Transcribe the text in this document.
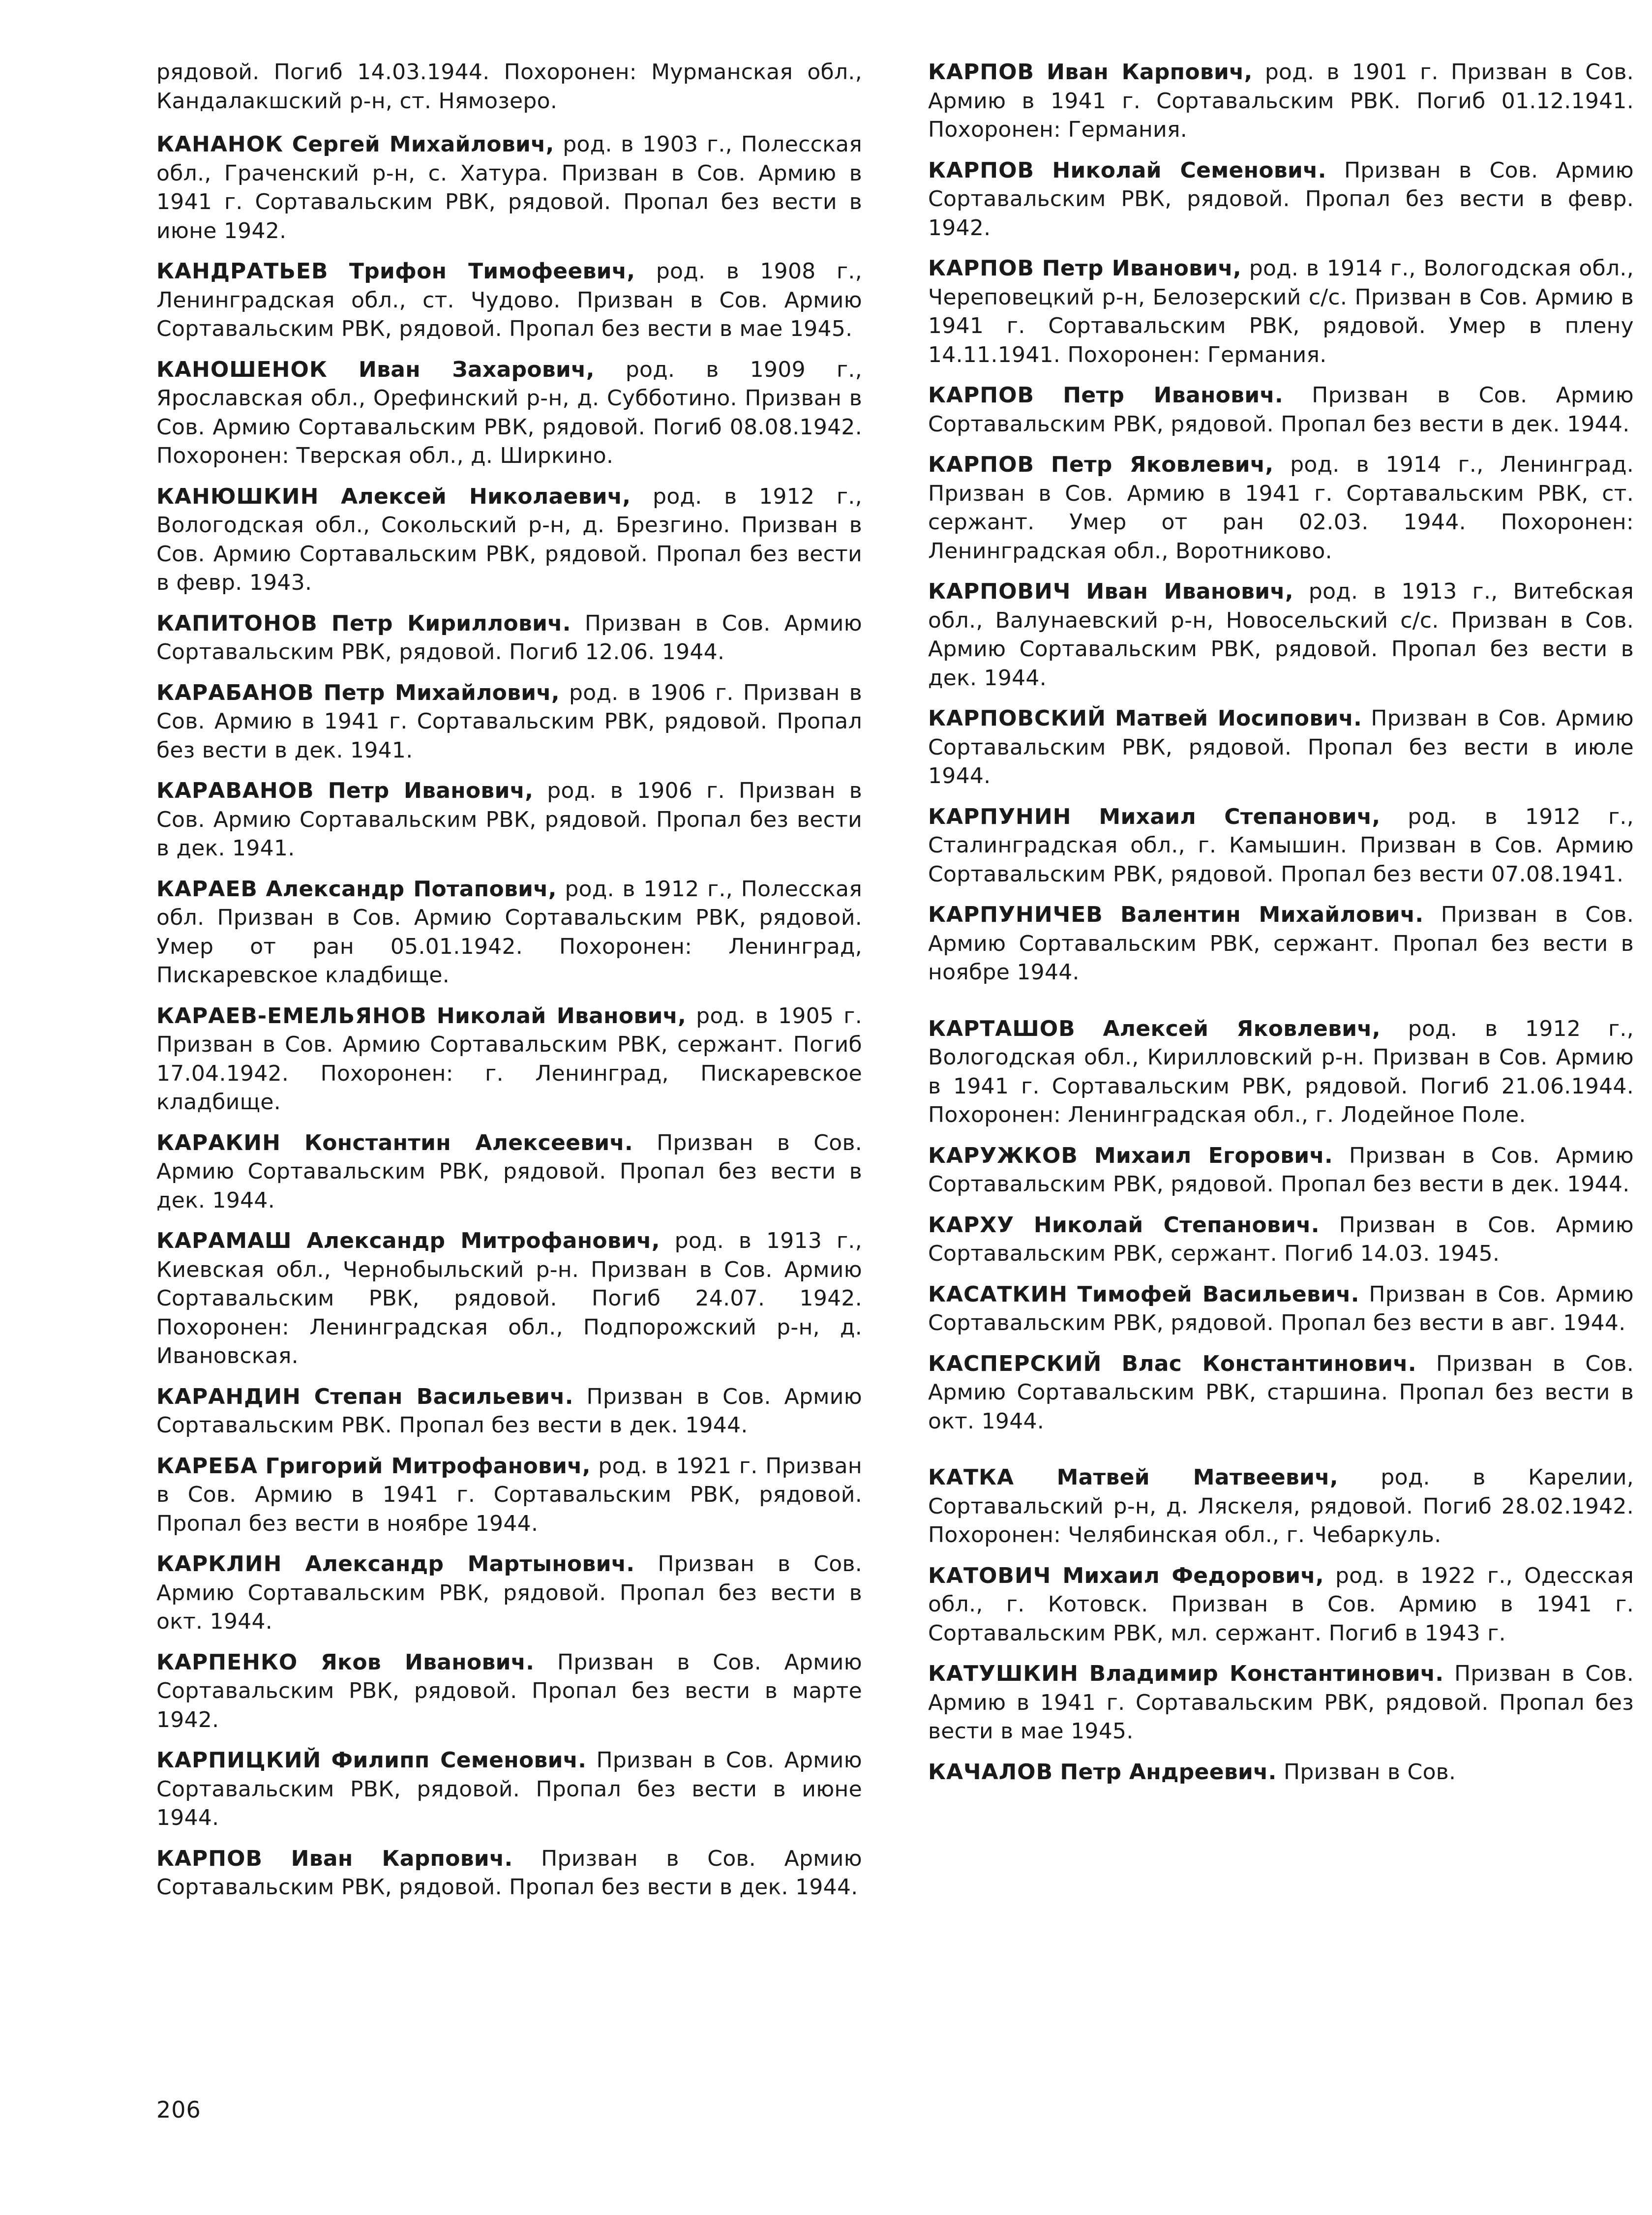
рядовой. Погиб 14.03.1944. Похоронен: Мурманская обл., Кандалакшский р-н, ст. Нямозеро.

КАНАНОК Сергей Михайлович, род. в 1903 г., Полесская обл., Граченский р-н, с. Хатура. Призван в Сов. Армию в 1941 г. Сортавальским РВК, рядовой. Пропал без вести в июне 1942.

КАНДРАТЬЕВ Трифон Тимофеевич, род. в 1908 г., Ленинградская обл., ст. Чудово. Призван в Сов. Армию Сортавальским РВК, рядовой. Пропал без вести в мае 1945.

КАНОШЕНОК Иван Захарович, род. в 1909 г., Ярославская обл., Орефинский р-н, д. Субботино. Призван в Сов. Армию Сортавальским РВК, рядовой. Погиб 08.08.1942. Похоронен: Тверская обл., д. Ширкино.

КАНЮШКИН Алексей Николаевич, род. в 1912 г., Вологодская обл., Сокольский р-н, д. Брезгино. Призван в Сов. Армию Сортавальским РВК, рядовой. Пропал без вести в февр. 1943.

КАПИТОНОВ Петр Кириллович. Призван в Сов. Армию Сортавальским РВК, рядовой. Погиб 12.06. 1944.

КАРАБАНОВ Петр Михайлович, род. в 1906 г. Призван в Сов. Армию в 1941 г. Сортавальским РВК, рядовой. Пропал без вести в дек. 1941.

КАРАВАНОВ Петр Иванович, род. в 1906 г. Призван в Сов. Армию Сортавальским РВК, рядовой. Пропал без вести в дек. 1941.

КАРАЕВ Александр Потапович, род. в 1912 г., Полесская обл. Призван в Сов. Армию Сортавальским РВК, рядовой. Умер от ран 05.01.1942. Похоронен: Ленинград, Пискаревское кладбище.

КАРАЕВ-ЕМЕЛЬЯНОВ Николай Иванович, род. в 1905 г. Призван в Сов. Армию Сортавальским РВК, сержант. Погиб 17.04.1942. Похоронен: г. Ленинград, Пискаревское кладбище.

КАРАКИН Константин Алексеевич. Призван в Сов. Армию Сортавальским РВК, рядовой. Пропал без вести в дек. 1944.

КАРАМАШ Александр Митрофанович, род. в 1913 г., Киевская обл., Чернобыльский р-н. Призван в Сов. Армию Сортавальским РВК, рядовой. Погиб 24.07. 1942. Похоронен: Ленинградская обл., Подпорожский р-н, д. Ивановская.

КАРАНДИН Степан Васильевич. Призван в Сов. Армию Сортавальским РВК. Пропал без вести в дек. 1944.

КАРЕБА Григорий Митрофанович, род. в 1921 г. Призван в Сов. Армию в 1941 г. Сортавальским РВК, рядовой. Пропал без вести в ноябре 1944.

КАРКЛИН Александр Мартынович. Призван в Сов. Армию Сортавальским РВК, рядовой. Пропал без вести в окт. 1944.

КАРПЕНКО Яков Иванович. Призван в Сов. Армию Сортавальским РВК, рядовой. Пропал без вести в марте 1942.

КАРПИЦКИЙ Филипп Семенович. Призван в Сов. Армию Сортавальским РВК, рядовой. Пропал без вести в июне 1944.

КАРПОВ Иван Карпович. Призван в Сов. Армию Сортавальским РВК, рядовой. Пропал без вести в дек. 1944.

КАРПОВ Иван Карпович, род. в 1901 г. Призван в Сов. Армию в 1941 г. Сортавальским РВК. Погиб 01.12.1941. Похоронен: Германия.

КАРПОВ Николай Семенович. Призван в Сов. Армию Сортавальским РВК, рядовой. Пропал без вести в февр. 1942.

КАРПОВ Петр Иванович, род. в 1914 г., Вологодская обл., Череповецкий р-н, Белозерский с/с. Призван в Сов. Армию в 1941 г. Сортавальским РВК, рядовой. Умер в плену 14.11.1941. Похоронен: Германия.

КАРПОВ Петр Иванович. Призван в Сов. Армию Сортавальским РВК, рядовой. Пропал без вести в дек. 1944.

КАРПОВ Петр Яковлевич, род. в 1914 г., Ленинград. Призван в Сов. Армию в 1941 г. Сортавальским РВК, ст. сержант. Умер от ран 02.03. 1944. Похоронен: Ленинградская обл., Воротниково.

КАРПОВИЧ Иван Иванович, род. в 1913 г., Витебская обл., Валунаевский р-н, Новосельский с/с. Призван в Сов. Армию Сортавальским РВК, рядовой. Пропал без вести в дек. 1944.

КАРПОВСКИЙ Матвей Иосипович. Призван в Сов. Армию Сортавальским РВК, рядовой. Пропал без вести в июле 1944.

КАРПУНИН Михаил Степанович, род. в 1912 г., Сталинградская обл., г. Камышин. Призван в Сов. Армию Сортавальским РВК, рядовой. Пропал без вести 07.08.1941.

КАРПУНИЧЕВ Валентин Михайлович. Призван в Сов. Армию Сортавальским РВК, сержант. Пропал без вести в ноябре 1944.

КАРТАШОВ Алексей Яковлевич, род. в 1912 г., Вологодская обл., Кирилловский р-н. Призван в Сов. Армию в 1941 г. Сортавальским РВК, рядовой. Погиб 21.06.1944. Похоронен: Ленинградская обл., г. Лодейное Поле.

КАРУЖКОВ Михаил Егорович. Призван в Сов. Армию Сортавальским РВК, рядовой. Пропал без вести в дек. 1944.

КАРХУ Николай Степанович. Призван в Сов. Армию Сортавальским РВК, сержант. Погиб 14.03. 1945.

КАСАТКИН Тимофей Васильевич. Призван в Сов. Армию Сортавальским РВК, рядовой. Пропал без вести в авг. 1944.

КАСПЕРСКИЙ Влас Константинович. Призван в Сов. Армию Сортавальским РВК, старшина. Пропал без вести в окт. 1944.

КАТКА Матвей Матвеевич, род. в Карелии, Сортавальский р-н, д. Ляскеля, рядовой. Погиб 28.02.1942. Похоронен: Челябинская обл., г. Чебаркуль.

КАТОВИЧ Михаил Федорович, род. в 1922 г., Одесская обл., г. Котовск. Призван в Сов. Армию в 1941 г. Сортавальским РВК, мл. сержант. Погиб в 1943 г.

КАТУШКИН Владимир Константинович. Призван в Сов. Армию в 1941 г. Сортавальским РВК, рядовой. Пропал без вести в мае 1945.

КАЧАЛОВ Петр Андреевич. Призван в Сов.

206
